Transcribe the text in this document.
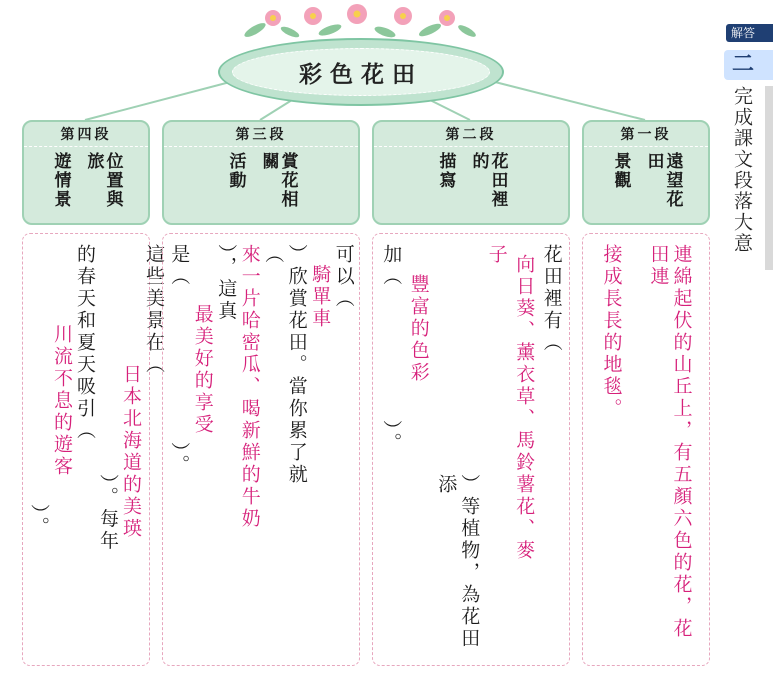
彩色花田
第四段
位置與旅
遊情景
這些美景在（
日本北海道的美瑛
）。每年
的春天和夏天吸引（
川流不息的遊客
）。
第三段
賞花相關
活動
可以（
騎單車
）欣賞花田。當你累了就
（
來一片哈密瓜、喝新鮮的牛奶
），這真
最美好的享受
是（　　　　　　　）。
第二段
花田裡的
描寫
花田裡有（
向日葵、薰衣草、馬鈴薯花、麥
子
）等植物，為花田添
豐富的色彩
加（　　　　　　）。
第一段
遠望花田
景觀
連綿起伏的山丘上，有五顏六色的花，花田連
接成長長的地毯。
解答
二
完成課文段落大意
